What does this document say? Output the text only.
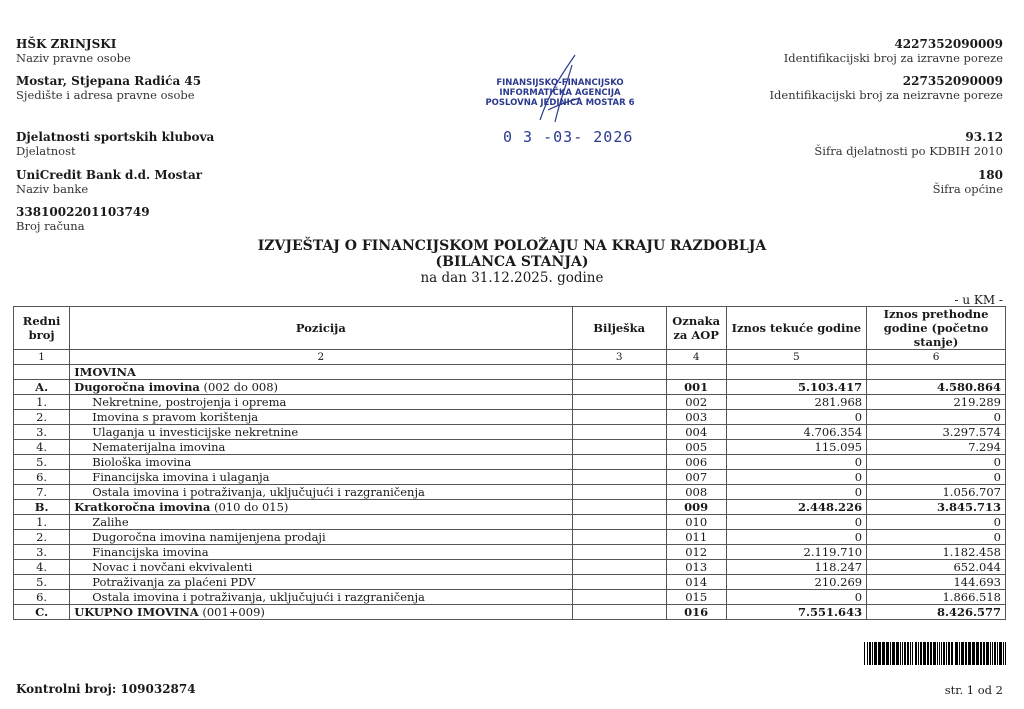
HŠK ZRINJSKI
Naziv pravne osobe
Mostar, Stjepana Radića 45
Sjedište i adresa pravne osobe
Djelatnosti sportskih klubova
Djelatnost
UniCredit Bank d.d. Mostar
Naziv banke
3381002201103749
Broj računa
4227352090009
Identifikacijski broj za izravne poreze
227352090009
Identifikacijski broj za neizravne poreze
93.12
Šifra djelatnosti po KDBIH 2010
180
Šifra općine
FINANSIJSKO-FINANCIJSKO
INFORMATIČKA AGENCIJA
POSLOVNA JEDINICA MOSTAR 6
0 3 -03- 2026
IZVJEŠTAJ O FINANCIJSKOM POLOŽAJU NA KRAJU RAZDOBLJA
(BILANCA STANJA)
na dan 31.12.2025. godine
- u KM -
Redni broj	Pozicija	Bilješka	Oznaka za AOP	Iznos tekuće godine	Iznos prethodne godine (početno stanje)
1	2	3	4	5	6
	IMOVINA				
A.	Dugoročna imovina (002 do 008)		001	5.103.417	4.580.864
1.	Nekretnine, postrojenja i oprema		002	281.968	219.289
2.	Imovina s pravom korištenja		003	0	0
3.	Ulaganja u investicijske nekretnine		004	4.706.354	3.297.574
4.	Nematerijalna imovina		005	115.095	7.294
5.	Biološka imovina		006	0	0
6.	Financijska imovina i ulaganja		007	0	0
7.	Ostala imovina i potraživanja, uključujući i razgraničenja		008	0	1.056.707
B.	Kratkoročna imovina (010 do 015)		009	2.448.226	3.845.713
1.	Zalihe		010	0	0
2.	Dugoročna imovina namijenjena prodaji		011	0	0
3.	Financijska imovina		012	2.119.710	1.182.458
4.	Novac i novčani ekvivalenti		013	118.247	652.044
5.	Potraživanja za plaćeni PDV		014	210.269	144.693
6.	Ostala imovina i potraživanja, uključujući i razgraničenja		015	0	1.866.518
C.	UKUPNO IMOVINA (001+009)		016	7.551.643	8.426.577
Kontrolni broj: 109032874	str. 1 od 2
